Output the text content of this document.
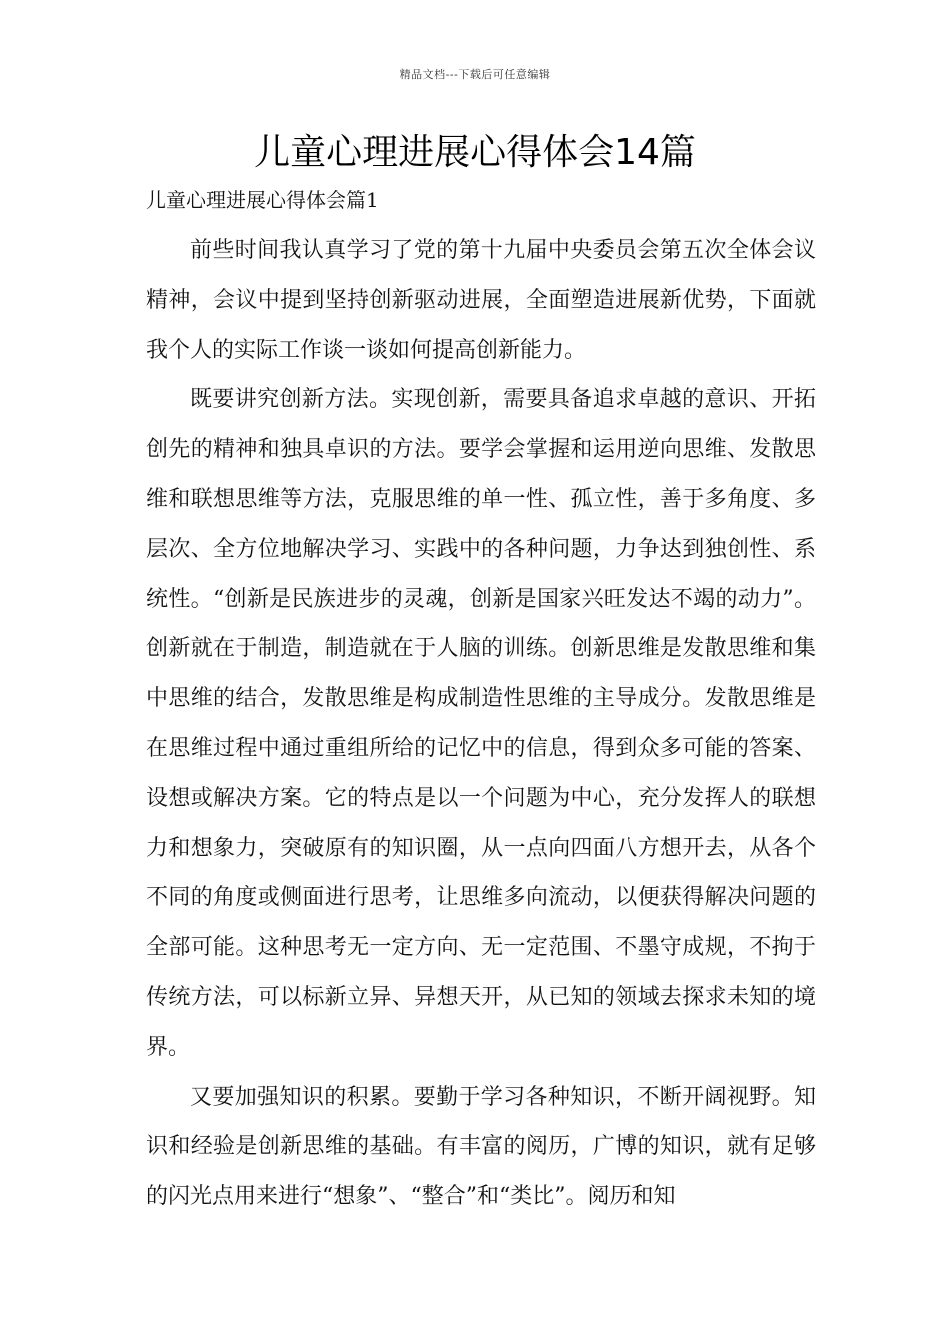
精品文档---下载后可任意编辑
儿童心理进展心得体会14篇
儿童心理进展心得体会篇1

前些时间我认真学习了党的第十九届中央委员会第五次全体会议精神，会议中提到坚持创新驱动进展，全面塑造进展新优势，下面就我个人的实际工作谈一谈如何提高创新能力。

既要讲究创新方法。实现创新，需要具备追求卓越的意识、开拓创先的精神和独具卓识的方法。要学会掌握和运用逆向思维、发散思维和联想思维等方法，克服思维的单一性、孤立性，善于多角度、多层次、全方位地解决学习、实践中的各种问题，力争达到独创性、系统性。“创新是民族进步的灵魂，创新是国家兴旺发达不竭的动力”。创新就在于制造，制造就在于人脑的训练。创新思维是发散思维和集中思维的结合，发散思维是构成制造性思维的主导成分。发散思维是在思维过程中通过重组所给的记忆中的信息，得到众多可能的答案、设想或解决方案。它的特点是以一个问题为中心，充分发挥人的联想力和想象力，突破原有的知识圈，从一点向四面八方想开去，从各个不同的角度或侧面进行思考，让思维多向流动，以便获得解决问题的全部可能。这种思考无一定方向、无一定范围、不墨守成规，不拘于传统方法，可以标新立异、异想天开，从已知的领域去探求未知的境界。

又要加强知识的积累。要勤于学习各种知识，不断开阔视野。知识和经验是创新思维的基础。有丰富的阅历，广博的知识，就有足够的闪光点用来进行“想象”、“整合”和“类比”。阅历和知
